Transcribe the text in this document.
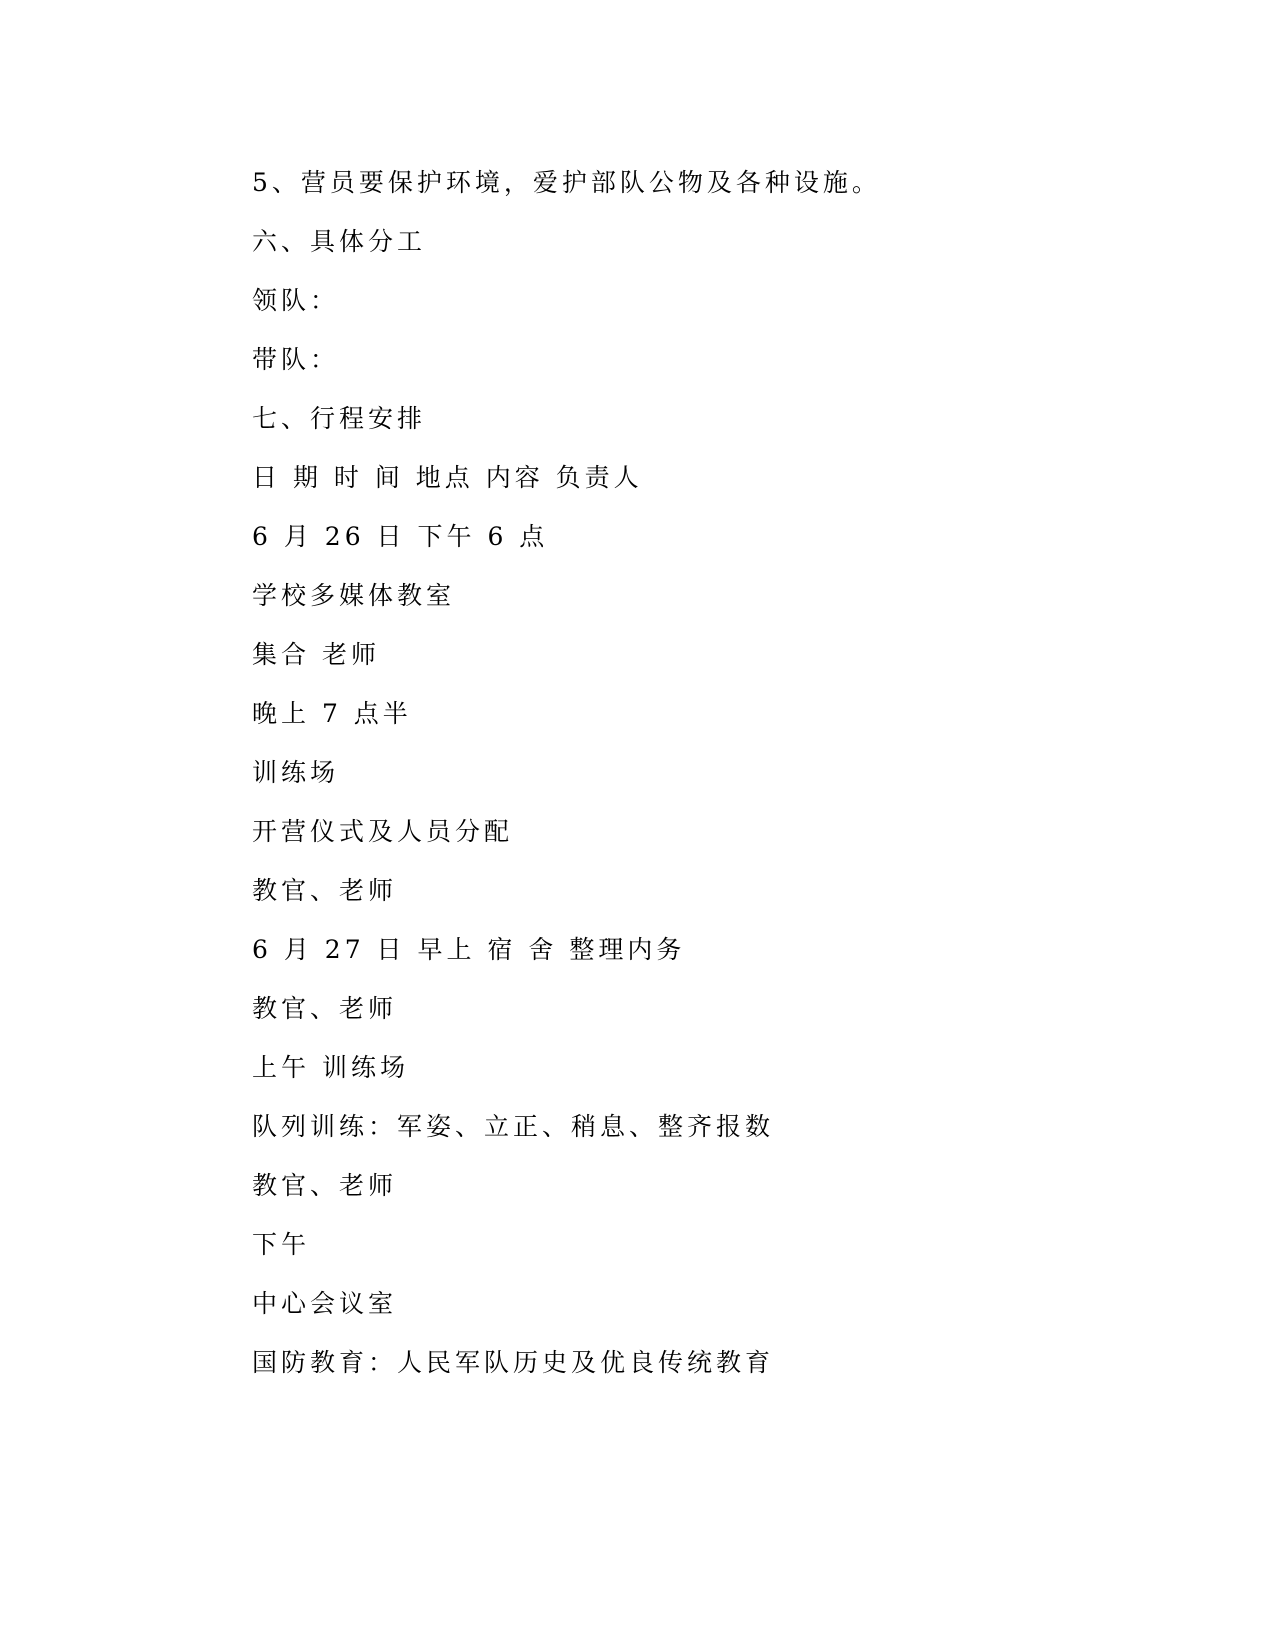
5、营员要保护环境，爱护部队公物及各种设施。
六、具体分工
领队：
带队：
七、行程安排
日 期 时 间 地点 内容 负责人
6 月 26 日 下午 6 点
学校多媒体教室
集合 老师
晚上 7 点半
训练场
开营仪式及人员分配
教官、老师
6 月 27 日 早上 宿 舍 整理内务
教官、老师
上午 训练场
队列训练：军姿、立正、稍息、整齐报数
教官、老师
下午
中心会议室
国防教育：人民军队历史及优良传统教育
